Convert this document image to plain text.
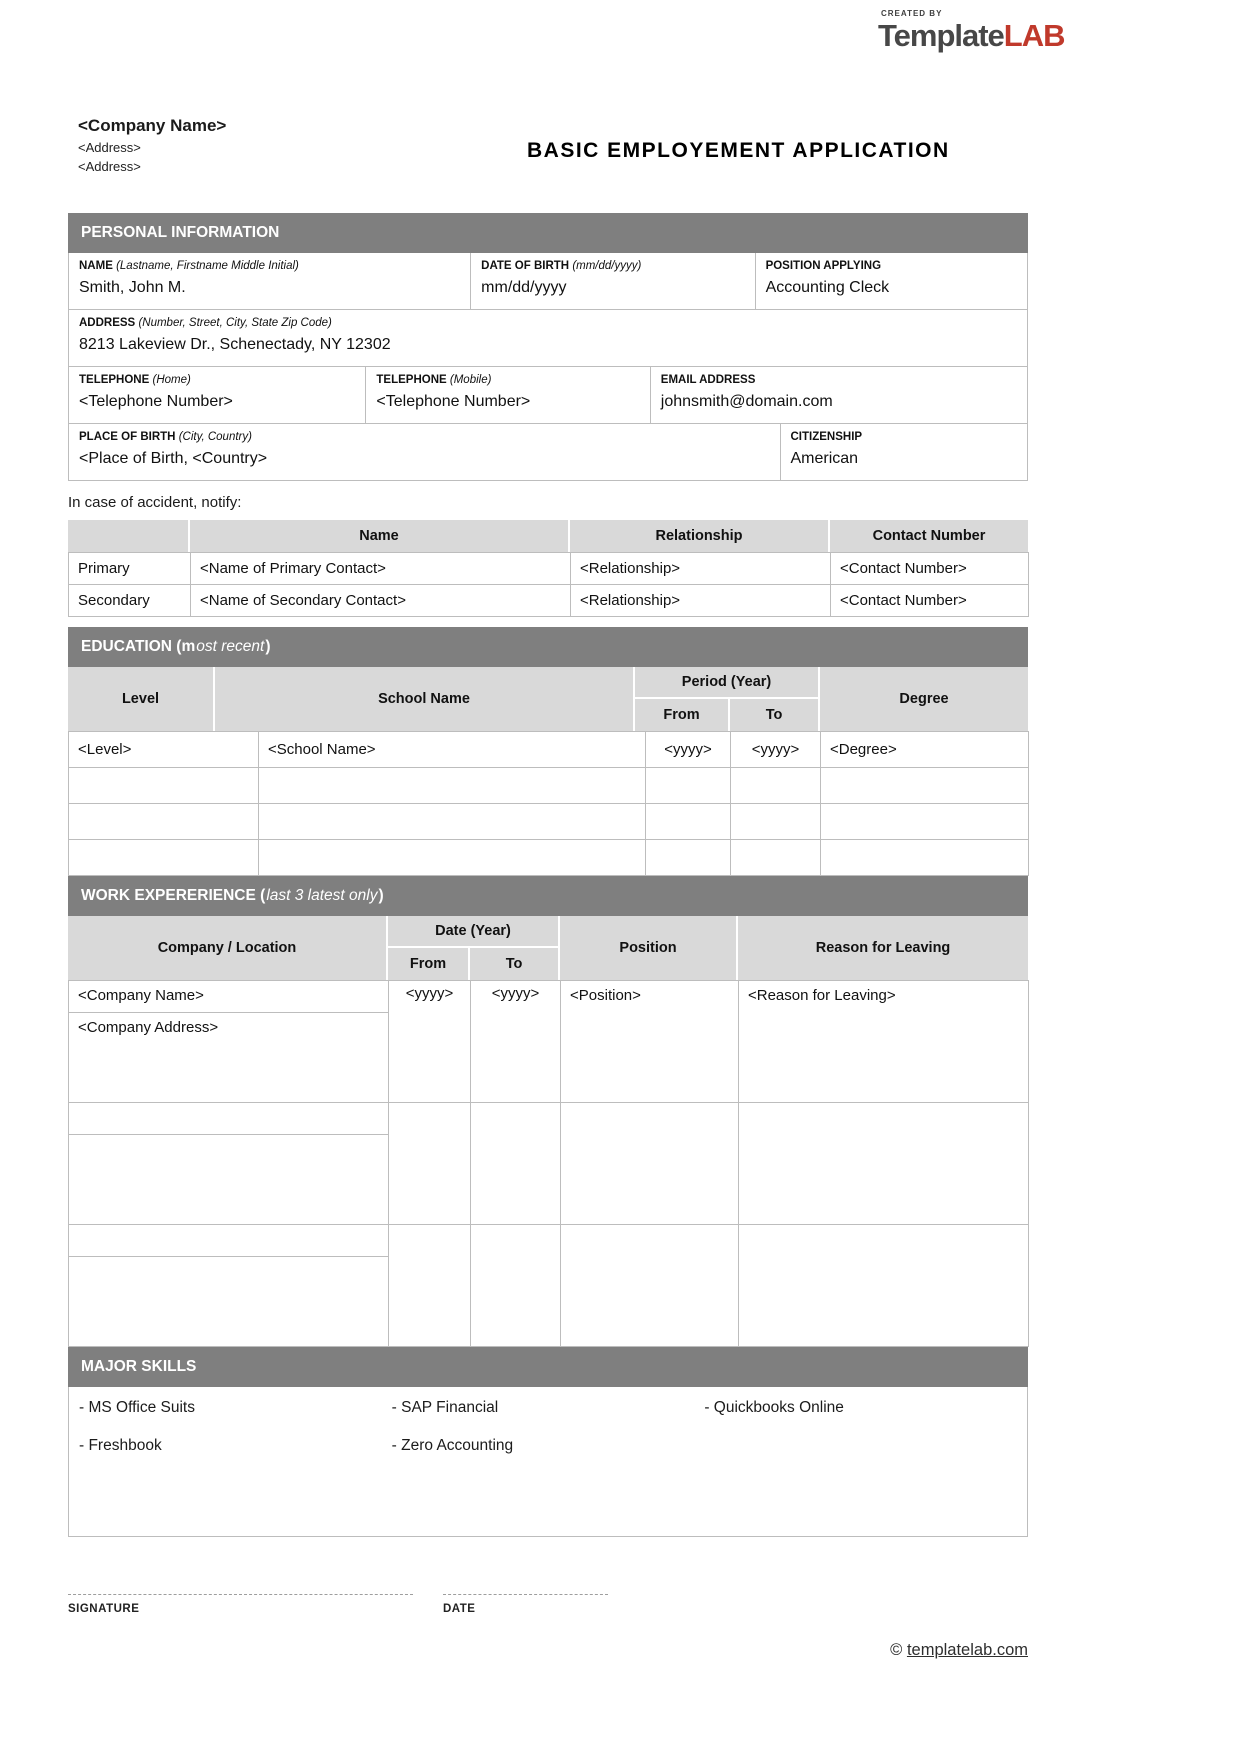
CREATED BY
TemplateLAB
<Company Name>
<Address>
<Address>
BASIC EMPLOYEMENT APPLICATION
PERSONAL INFORMATION
NAME (Lastname, Firstname Middle Initial)
Smith, John M.
DATE OF BIRTH (mm/dd/yyyy)
mm/dd/yyyy
POSITION APPLYING
Accounting Cleck
ADDRESS (Number, Street, City, State Zip Code)
8213 Lakeview Dr., Schenectady, NY 12302
TELEPHONE (Home)
<Telephone Number>
TELEPHONE (Mobile)
<Telephone Number>
EMAIL ADDRESS
johnsmith@domain.com
PLACE OF BIRTH (City, Country)
<Place of Birth, <Country>
CITIZENSHIP
American
In case of accident, notify:
	Name	Relationship	Contact Number
Primary	<Name of Primary Contact>	<Relationship>	<Contact Number>
Secondary	<Name of Secondary Contact>	<Relationship>	<Contact Number>
EDUCATION (m ost recent )
Level	School Name	Period (Year)		Degree
		From	To	
<Level>	<School Name>	<yyyy>	<yyyy>	<Degree>

WORK EXPERERIENCE ( last 3 latest only )
Company / Location	Date (Year)		Position	Reason for Leaving
	From	To		
<Company Name>	<yyyy>	<yyyy>	<Position>	<Reason for Leaving>
<Company Address>				

MAJOR SKILLS
- MS Office Suits	- SAP Financial	- Quickbooks Online
- Freshbook	- Zero Accounting
SIGNATURE	DATE
© templatelab.com
